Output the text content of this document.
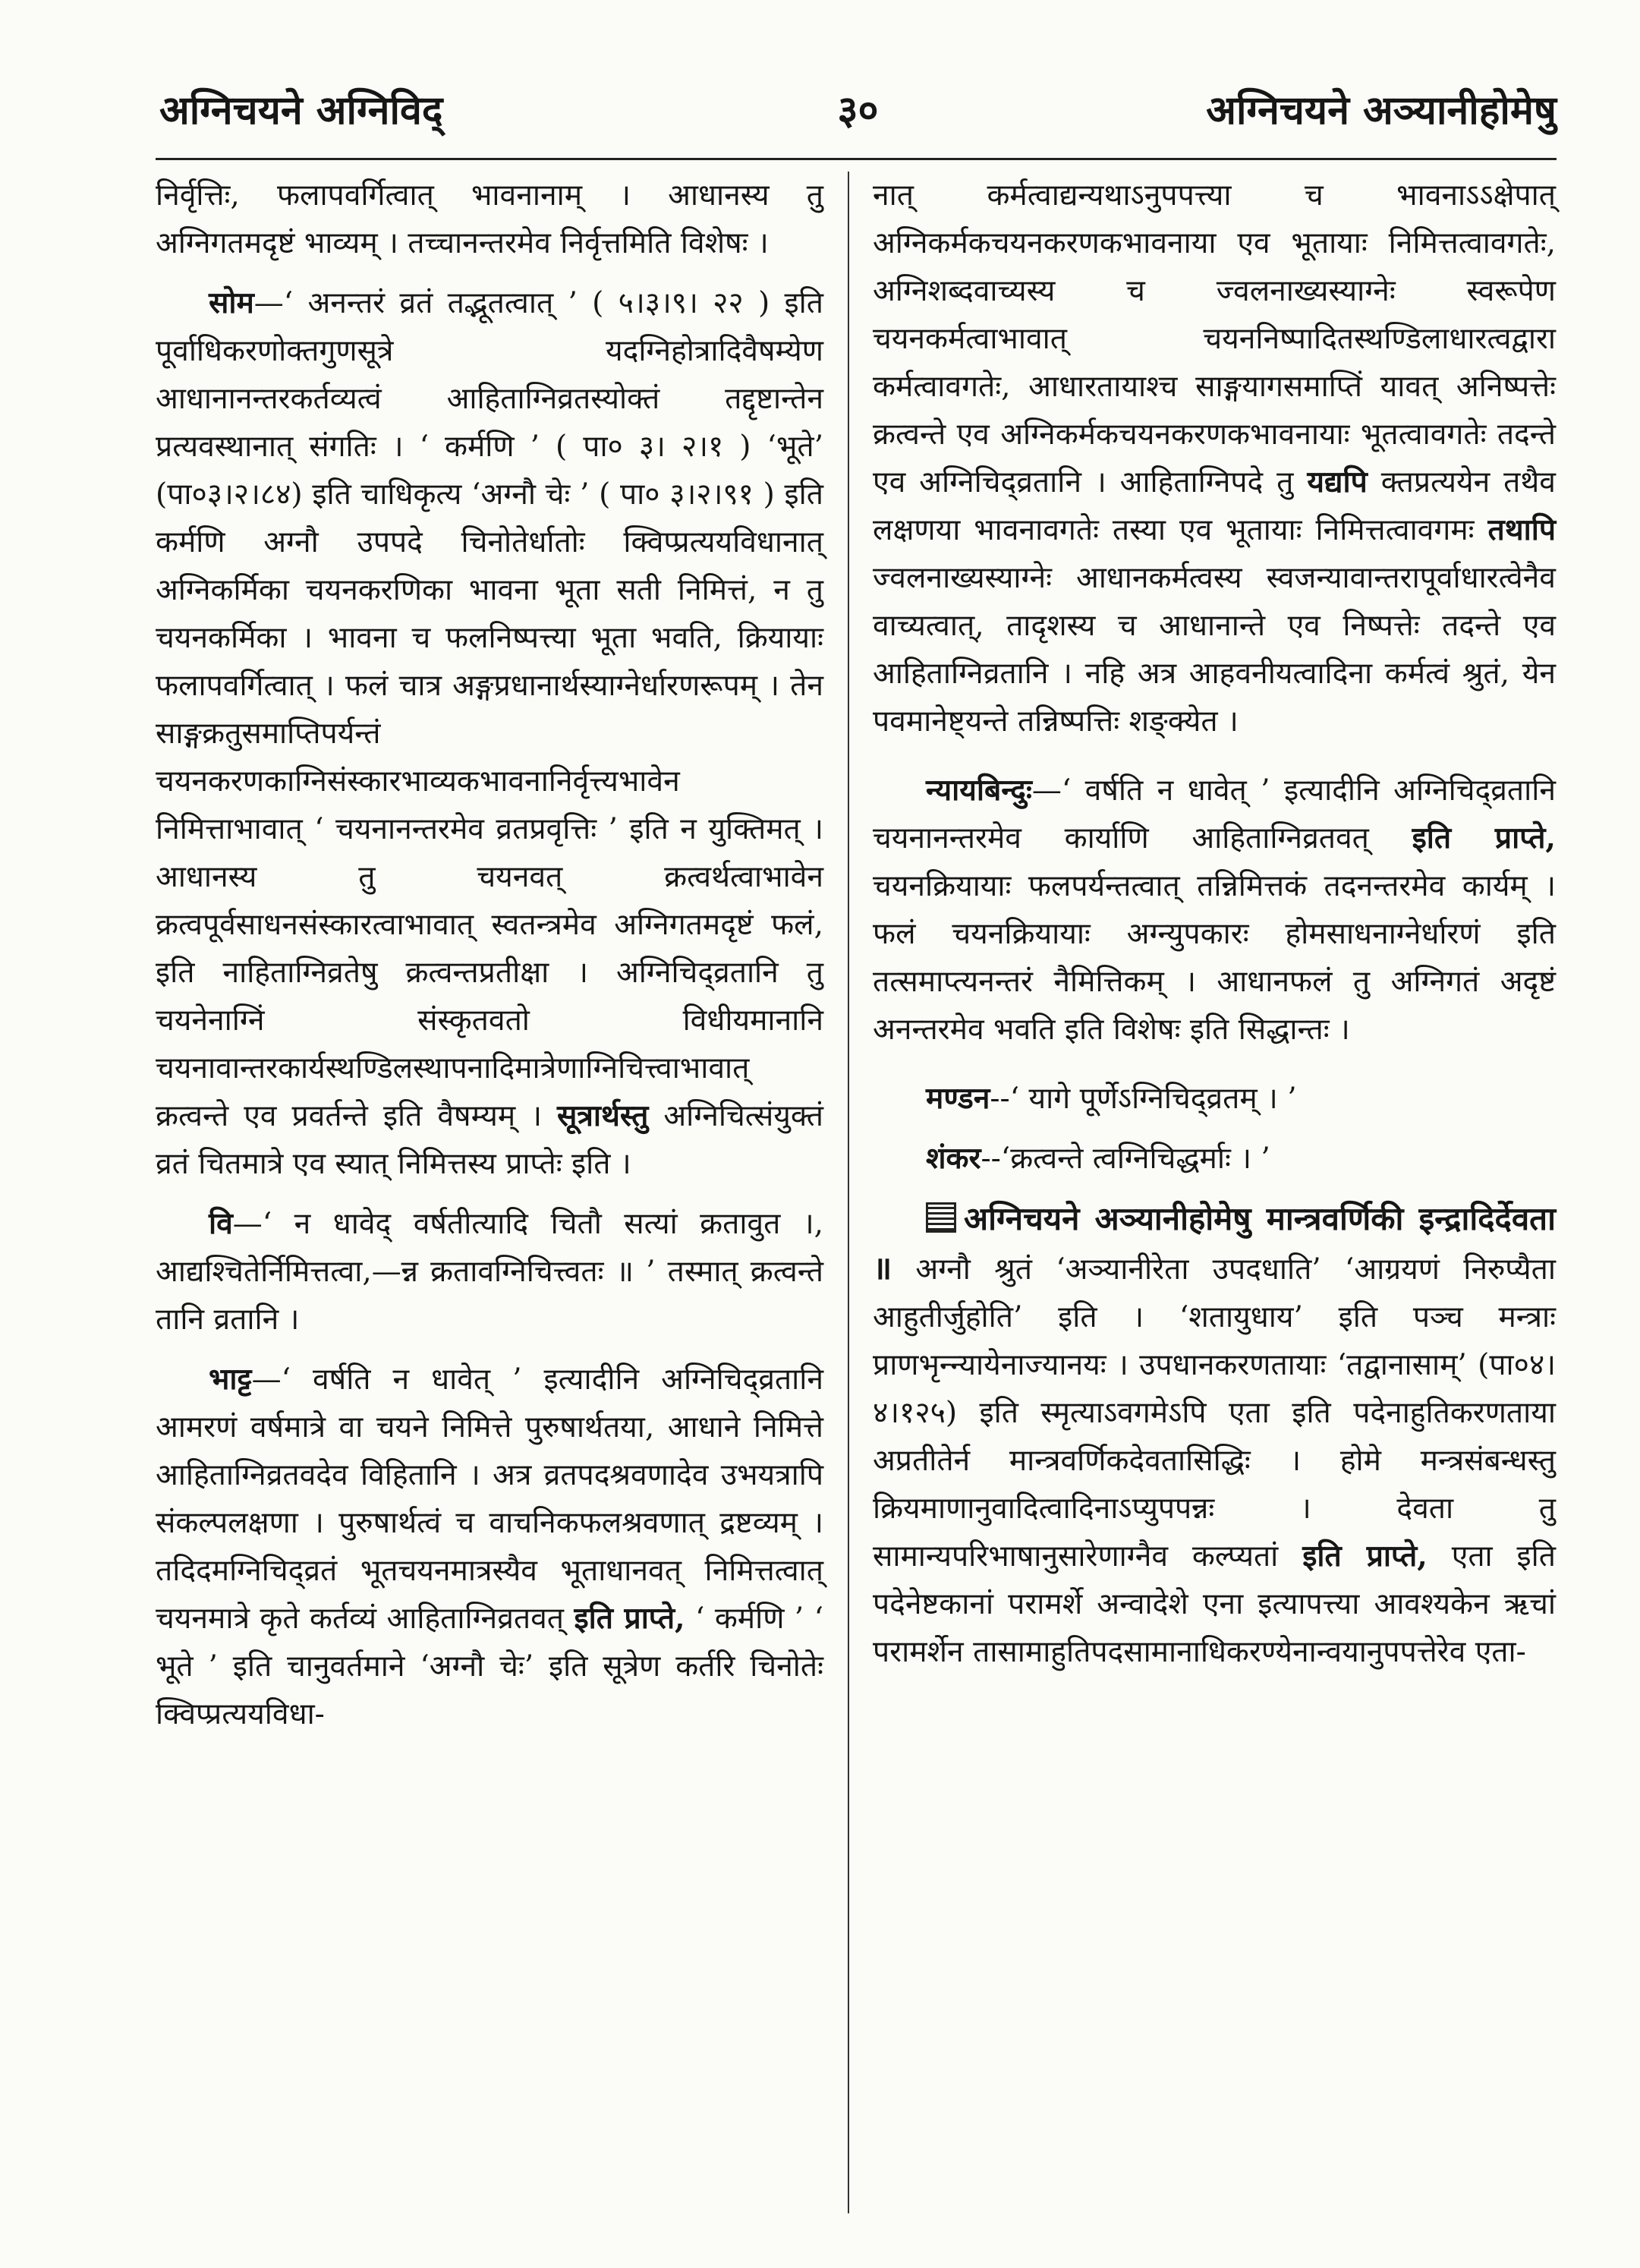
अग्निचयने अग्निविद्	३०	अग्निचयने अञ्यानीहोमेषु

निर्वृत्तिः, फलापवर्गित्वात् भावनानाम् । आधानस्य तु अग्निगतमदृष्टं भाव्यम् । तच्चानन्तरमेव निर्वृत्तमिति विशेषः ।

सोम—‘ अनन्तरं व्रतं तद्भूतत्वात् ’ ( ५।३।९। २२ ) इति पूर्वाधिकरणोक्तगुणसूत्रे यदग्निहोत्रादिवैषम्येण आधानानन्तरकर्तव्यत्वं आहिताग्निव्रतस्योक्तं तद्दृष्टान्तेन प्रत्यवस्थानात् संगतिः । ‘ कर्मणि ’ ( पा० ३। २।१ ) ‘भूते’ (पा०३।२।८४) इति चाधिकृत्य ‘अग्नौ चेः ’ ( पा० ३।२।९१ ) इति कर्मणि अग्नौ उपपदे चिनोतेर्धातोः क्विप्प्रत्ययविधानात् अग्निकर्मिका चयनकरणिका भावना भूता सती निमित्तं, न तु चयनकर्मिका । भावना च फलनिष्पत्त्या भूता भवति, क्रियायाः फलापवर्गित्वात् । फलं चात्र अङ्गप्रधानार्थस्याग्नेर्धारणरूपम् । तेन साङ्गक्रतुसमाप्तिपर्यन्तं चयनकरणकाग्निसंस्कारभाव्यकभावनानिर्वृत्त्यभावेन निमित्ताभावात् ‘ चयनानन्तरमेव व्रतप्रवृत्तिः ’ इति न युक्तिमत् । आधानस्य तु चयनवत् क्रत्वर्थत्वाभावेन क्रत्वपूर्वसाधनसंस्कारत्वाभावात् स्वतन्त्रमेव अग्निगतमदृष्टं फलं, इति नाहिताग्निव्रतेषु क्रत्वन्तप्रतीक्षा । अग्निचिद्व्रतानि तु चयनेनाग्निं संस्कृतवतो विधीयमानानि चयनावान्तरकार्यस्थण्डिलस्थापनादिमात्रेणाग्निचित्त्वाभावात् क्रत्वन्ते एव प्रवर्तन्ते इति वैषम्यम् । सूत्रार्थस्तु अग्निचित्संयुक्तं व्रतं चितमात्रे एव स्यात् निमित्तस्य प्राप्तेः इति ।

वि—‘ न धावेद् वर्षतीत्यादि चितौ सत्यां क्रतावुत ।, आद्यश्चितेर्निमित्तत्वा,—न्न क्रतावग्निचित्त्वतः ॥ ’ तस्मात् क्रत्वन्ते तानि व्रतानि ।

भाट्ट—‘ वर्षति न धावेत् ’ इत्यादीनि अग्निचिद्व्रतानि आमरणं वर्षमात्रे वा चयने निमित्ते पुरुषार्थतया, आधाने निमित्ते आहिताग्निव्रतवदेव विहितानि । अत्र व्रतपदश्रवणादेव उभयत्रापि संकल्पलक्षणा । पुरुषार्थत्वं च वाचनिकफलश्रवणात् द्रष्टव्यम् । तदिदमग्निचिद्व्रतं भूतचयनमात्रस्यैव भूताधानवत् निमित्तत्वात् चयनमात्रे कृते कर्तव्यं आहिताग्निव्रतवत् इति प्राप्ते, ‘ कर्मणि ’ ‘ भूते ’ इति चानुवर्तमाने ‘अग्नौ चेः’ इति सूत्रेण कर्तरि चिनोतेः क्विप्प्रत्ययविधा-

नात् कर्मत्वाद्यन्यथाऽनुपपत्त्या च भावनाऽऽक्षेपात् अग्निकर्मकचयनकरणकभावनाया एव भूतायाः निमित्तत्वावगतेः, अग्निशब्दवाच्यस्य च ज्वलनाख्यस्याग्नेः स्वरूपेण चयनकर्मत्वाभावात् चयननिष्पादितस्थण्डिलाधारत्वद्वारा कर्मत्वावगतेः, आधारतायाश्च साङ्गयागसमाप्तिं यावत् अनिष्पत्तेः क्रत्वन्ते एव अग्निकर्मकचयनकरणकभावनायाः भूतत्वावगतेः तदन्ते एव अग्निचिद्व्रतानि । आहिताग्निपदे तु यद्यपि क्तप्रत्ययेन तथैव लक्षणया भावनावगतेः तस्या एव भूतायाः निमित्तत्वावगमः तथापि ज्वलनाख्यस्याग्नेः आधानकर्मत्वस्य स्वजन्यावान्तरापूर्वाधारत्वेनैव वाच्यत्वात्, तादृशस्य च आधानान्ते एव निष्पत्तेः तदन्ते एव आहिताग्निव्रतानि । नहि अत्र आहवनीयत्वादिना कर्मत्वं श्रुतं, येन पवमानेष्ट्यन्ते तन्निष्पत्तिः शङ्क्येत ।

न्यायबिन्दुः—‘ वर्षति न धावेत् ’ इत्यादीनि अग्निचिद्व्रतानि चयनानन्तरमेव कार्याणि आहिताग्निव्रतवत् इति प्राप्ते, चयनक्रियायाः फलपर्यन्तत्वात् तन्निमित्तकं तदनन्तरमेव कार्यम् । फलं चयनक्रियायाः अग्न्युपकारः होमसाधनाग्नेर्धारणं इति तत्समाप्त्यनन्तरं नैमित्तिकम् । आधानफलं तु अग्निगतं अदृष्टं अनन्तरमेव भवति इति विशेषः इति सिद्धान्तः ।

मण्डन--‘ यागे पूर्णेऽग्निचिद्व्रतम् । ’

शंकर--‘क्रत्वन्ते त्वग्निचिद्धर्माः । ’

अग्निचयने अञ्यानीहोमेषु मान्त्रवर्णिकी इन्द्रादिर्देवता ॥ अग्नौ श्रुतं ‘अञ्यानीरेता उपदधाति’ ‘आग्रयणं निरुप्यैता आहुतीर्जुहोति’ इति । ‘शतायुधाय’ इति पञ्च मन्त्राः प्राणभृन्न्यायेनाज्यानयः । उपधानकरणतायाः ‘तद्वानासाम्’ (पा०४।४।१२५) इति स्मृत्याऽवगमेऽपि एता इति पदेनाहुतिकरणताया अप्रतीतेर्न मान्त्रवर्णिकदेवतासिद्धिः । होमे मन्त्रसंबन्धस्तु क्रियमाणानुवादित्वादिनाऽप्युपपन्नः । देवता तु सामान्यपरिभाषानुसारेणाग्नैव कल्प्यतां इति प्राप्ते, एता इति पदेनेष्टकानां परामर्शे अन्वादेशे एना इत्यापत्त्या आवश्यकेन ऋचां परामर्शेन तासामाहुतिपदसामानाधिकरण्येनान्वयानुपपत्तेरेव एता-
